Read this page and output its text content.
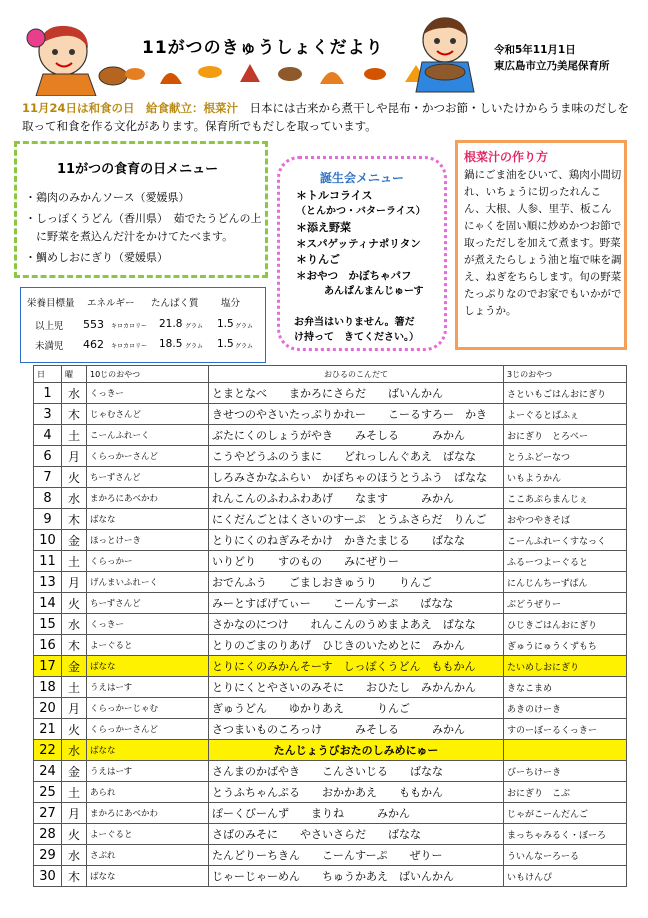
11がつのきゅうしょくだより	令和5年11月1日
東広島市立乃美尾保育所
11月24日は和食の日　給食献立：根菜汁　日本には古来から煮干しや昆布・かつお節・しいたけからうま味のだしを取って和食を作る文化があります。保育所でもだしを取っています。
11がつの食育の日メニュー
・鶏肉のみかんソース（愛媛県）
・しっぽくうどん（香川県）　茹でたうどんの上
　に野菜を煮込んだ汁をかけてたべます。
・鯛めしおにぎり（愛媛県）
栄養目標量 エネルギー たんぱく質 塩分
以上児 553 キロカロリー 21.8 グラム 1.5 グラム
未満児 462 キロカロリー 18.5 グラム 1.5 グラム
誕生会メニュー
＊トルコライス
（とんかつ・バターライス）
＊添え野菜
＊スパゲッティナポリタン
＊りんご
＊おやつ　かぼちゃパフ
あんぱんまんじゅーす
お弁当はいりません。箸だ
け持って　きてください。）
根菜汁の作り方
鍋にごま油をひいて、鶏肉小間切れ、いちょうに切ったれんこん、大根、人参、里芋、板こんにゃくを固い順に炒めかつお節で取っただしを加えて煮ます。野菜が煮えたらしょう油と塩で味を調え、ねぎをちらします。旬の野菜たっぷりなのでお家でもいかがでしょうか。
日	曜	10じのおやつ	おひるのこんだて	3じのおやつ
1	水	くっきー	とまとなべ　　まかろにさらだ　　ばいんかん	さといもごはんおにぎり
3	木	じゃむさんど	きせつのやさいたっぷりかれー　　こーるすろー　かき	よーぐるとぱふぇ
4	土	こーんふれーく	ぶたにくのしょうがやき　　みそしる　　　みかん	おにぎり　とろべー
6	月	くらっかーさんど	こうやどうふのうまに　　どれっしんぐあえ　ばなな	とうふどーなつ
7	火	ちーずさんど	しろみさかなふらい　かぼちゃのほうとうふう　ばなな	いもようかん
8	水	まかろにあべかわ	れんこんのふわふわあげ　　なます　　　みかん	ここあぷらまんじぇ
9	木	ばなな	にくだんごとはくさいのすーぷ　とうふさらだ　りんご	おやつやきそば
10	金	ほっとけーき	とりにくのねぎみそかけ　かきたまじる　　ばなな	こーんふれーくすなっく
11	土	くらっかー	いりどり　　すのもの　　みにぜりー	ふるーつよーぐると
13	月	げんまいふれーく	おでんふう　　ごましおきゅうり　　りんご	にんじんちーずぱん
14	火	ちーずさんど	みーとすぱげてぃー　　こーんすーぷ　　ばなな	ぶどうぜりー
15	水	くっきー	さかなのにつけ　　れんこんのうめまよあえ　ばなな	ひじきごはんおにぎり
16	木	よーぐると	とりのごまのりあげ　ひじきのいためとに　みかん	ぎゅうにゅうくずもち
17	金	ばなな	とりにくのみかんそーす　しっぽくうどん　ももかん	たいめしおにぎり
18	土	うえはーす	とりにくとやさいのみそに　　おひたし　みかんかん	きなこまめ
20	月	くらっかーじゃむ	ぎゅうどん　　ゆかりあえ　　　りんご	あきのけーき
21	火	くらっかーさんど	さつまいものころっけ　　　みそしる　　　みかん	すのーぼーるくっきー
22	水	ばなな	たんじょうびおたのしみめにゅー	
24	金	うえはーす	さんまのかばやき　　こんさいじる　　ばなな	びーちけーき
25	土	あられ	とうふちゃんぷる　　おかかあえ　　ももかん	おにぎり　こぶ
27	月	まかろにあべかわ	ぽーくびーんず　　まりね　　　みかん	じゃがこーんだんご
28	火	よーぐると	さばのみそに　　やさいさらだ　　ばなな	まっちゃみるく・ぼーろ
29	水	さぶれ	たんどりーちきん　　こーんすーぷ　　ぜりー	ういんなーろーる
30	木	ばなな	じゃーじゃーめん　　ちゅうかあえ　ばいんかん	いもけんぴ
